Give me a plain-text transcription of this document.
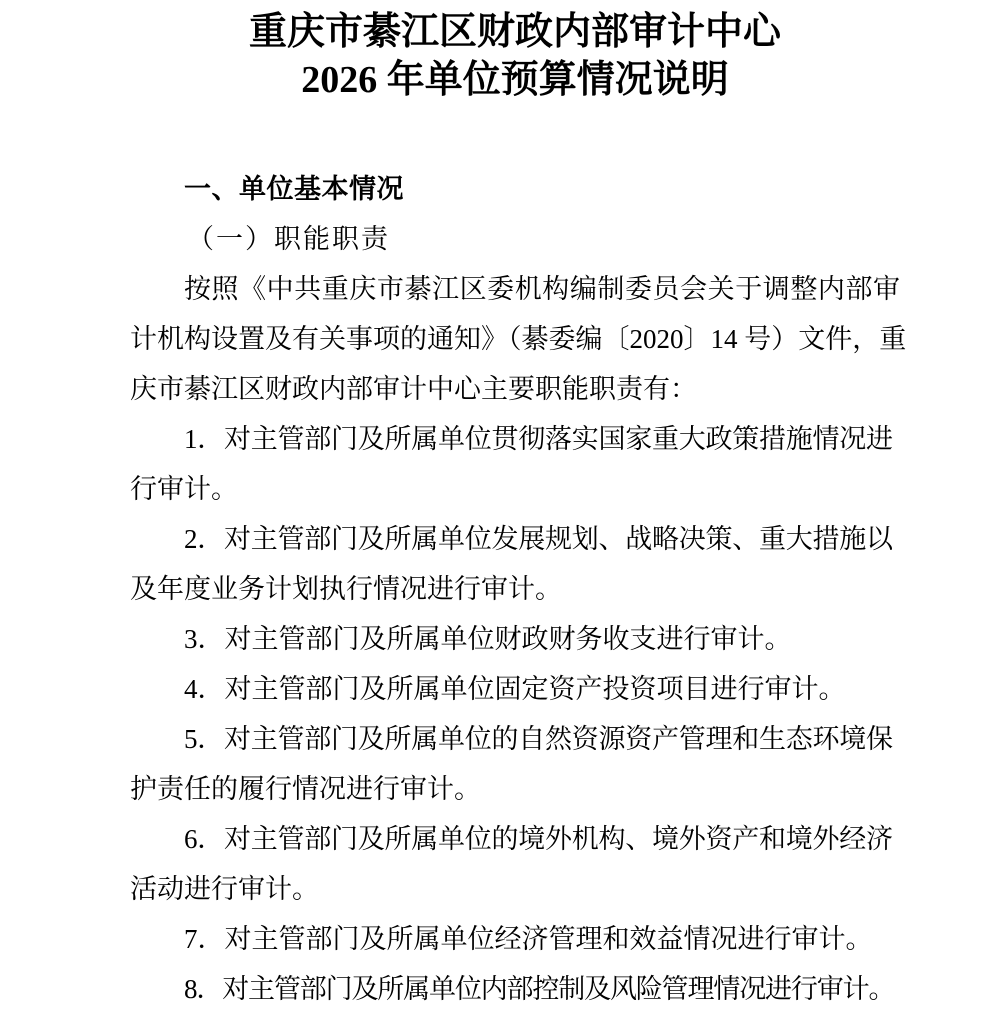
重庆市綦江区财政内部审计中心
2026 年单位预算情况说明
一、单位基本情况
（一）职能职责
按照《中共重庆市綦江区委机构编制委员会关于调整内部审
计机构设置及有关事项的通知》（綦委编〔2020〕14 号）文件，重
庆市綦江区财政内部审计中心主要职能职责有：
1．对主管部门及所属单位贯彻落实国家重大政策措施情况进
行审计。
2．对主管部门及所属单位发展规划、战略决策、重大措施以
及年度业务计划执行情况进行审计。
3．对主管部门及所属单位财政财务收支进行审计。
4．对主管部门及所属单位固定资产投资项目进行审计。
5．对主管部门及所属单位的自然资源资产管理和生态环境保
护责任的履行情况进行审计。
6．对主管部门及所属单位的境外机构、境外资产和境外经济
活动进行审计。
7．对主管部门及所属单位经济管理和效益情况进行审计。
8．对主管部门及所属单位内部控制及风险管理情况进行审计。
